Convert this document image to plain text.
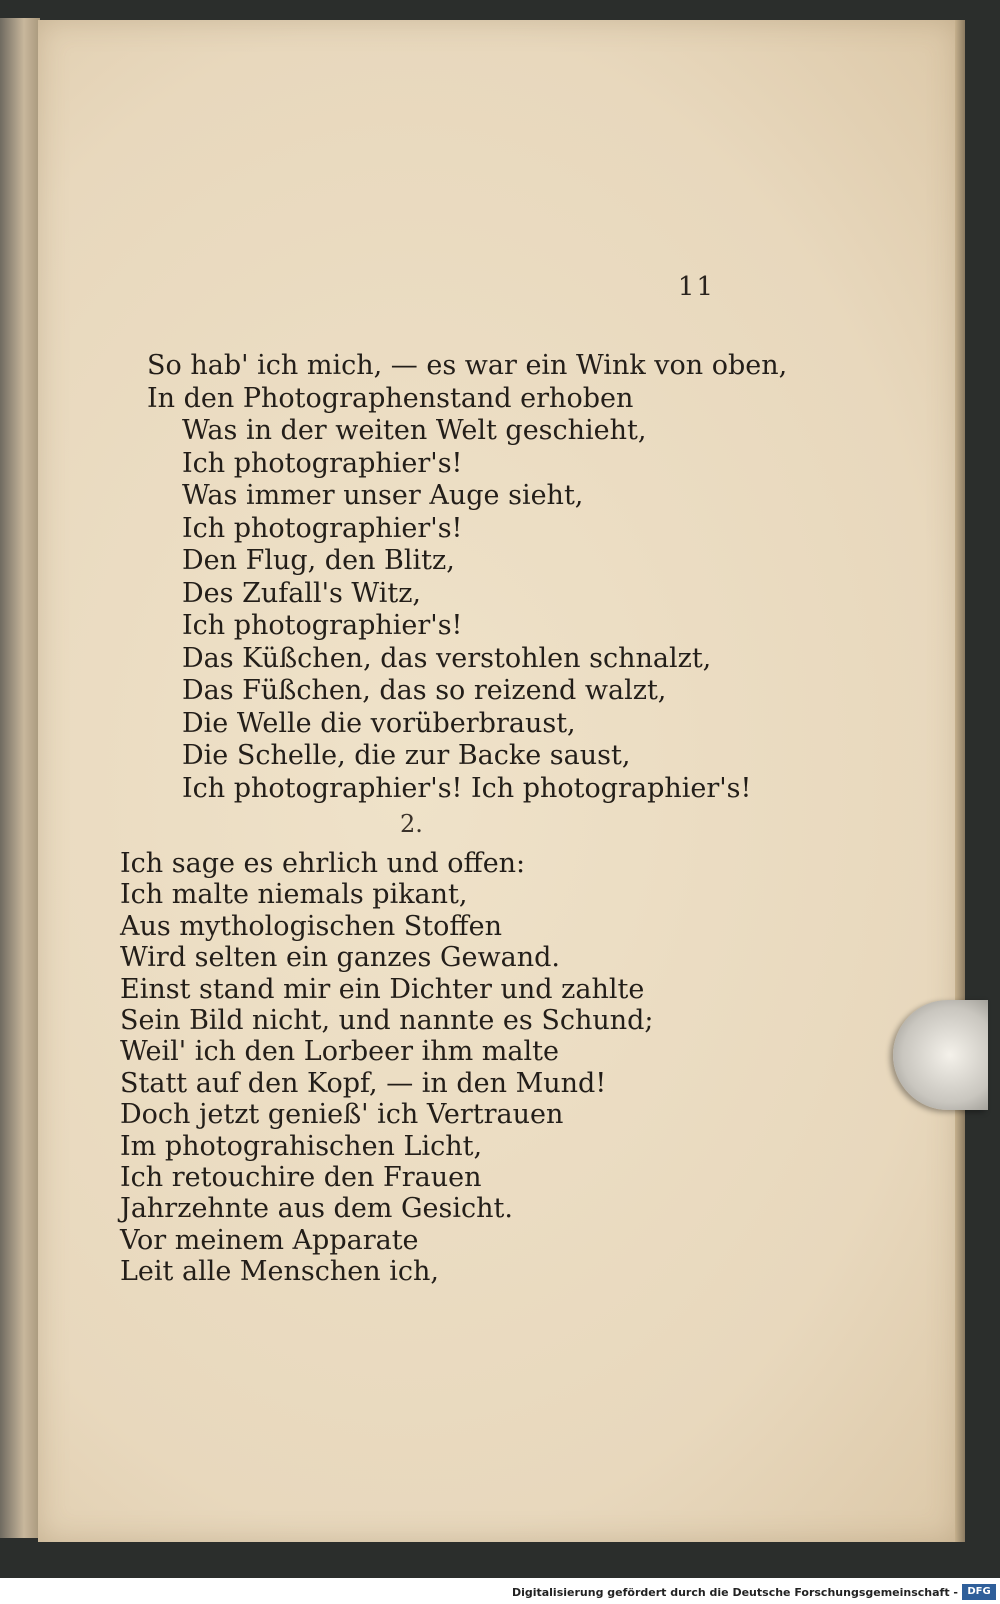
11
So hab' ich mich, — es war ein Wink von oben,
In den Photographenstand erhoben
Was in der weiten Welt geschieht,
Ich photographier's!
Was immer unser Auge sieht,
Ich photographier's!
Den Flug, den Blitz,
Des Zufall's Witz,
Ich photographier's!
Das Küßchen, das verstohlen schnalzt,
Das Füßchen, das so reizend walzt,
Die Welle die vorüberbraust,
Die Schelle, die zur Backe saust,
Ich photographier's! Ich photographier's!
2.
Ich sage es ehrlich und offen:
Ich malte niemals pikant,
Aus mythologischen Stoffen
Wird selten ein ganzes Gewand.
Einst stand mir ein Dichter und zahlte
Sein Bild nicht, und nannte es Schund;
Weil' ich den Lorbeer ihm malte
Statt auf den Kopf, — in den Mund!
Doch jetzt genieß' ich Vertrauen
Im photograhischen Licht,
Ich retouchire den Frauen
Jahrzehnte aus dem Gesicht.
Vor meinem Apparate
Leit alle Menschen ich,
Digitalisierung gefördert durch die Deutsche Forschungsgemeinschaft - DFG
